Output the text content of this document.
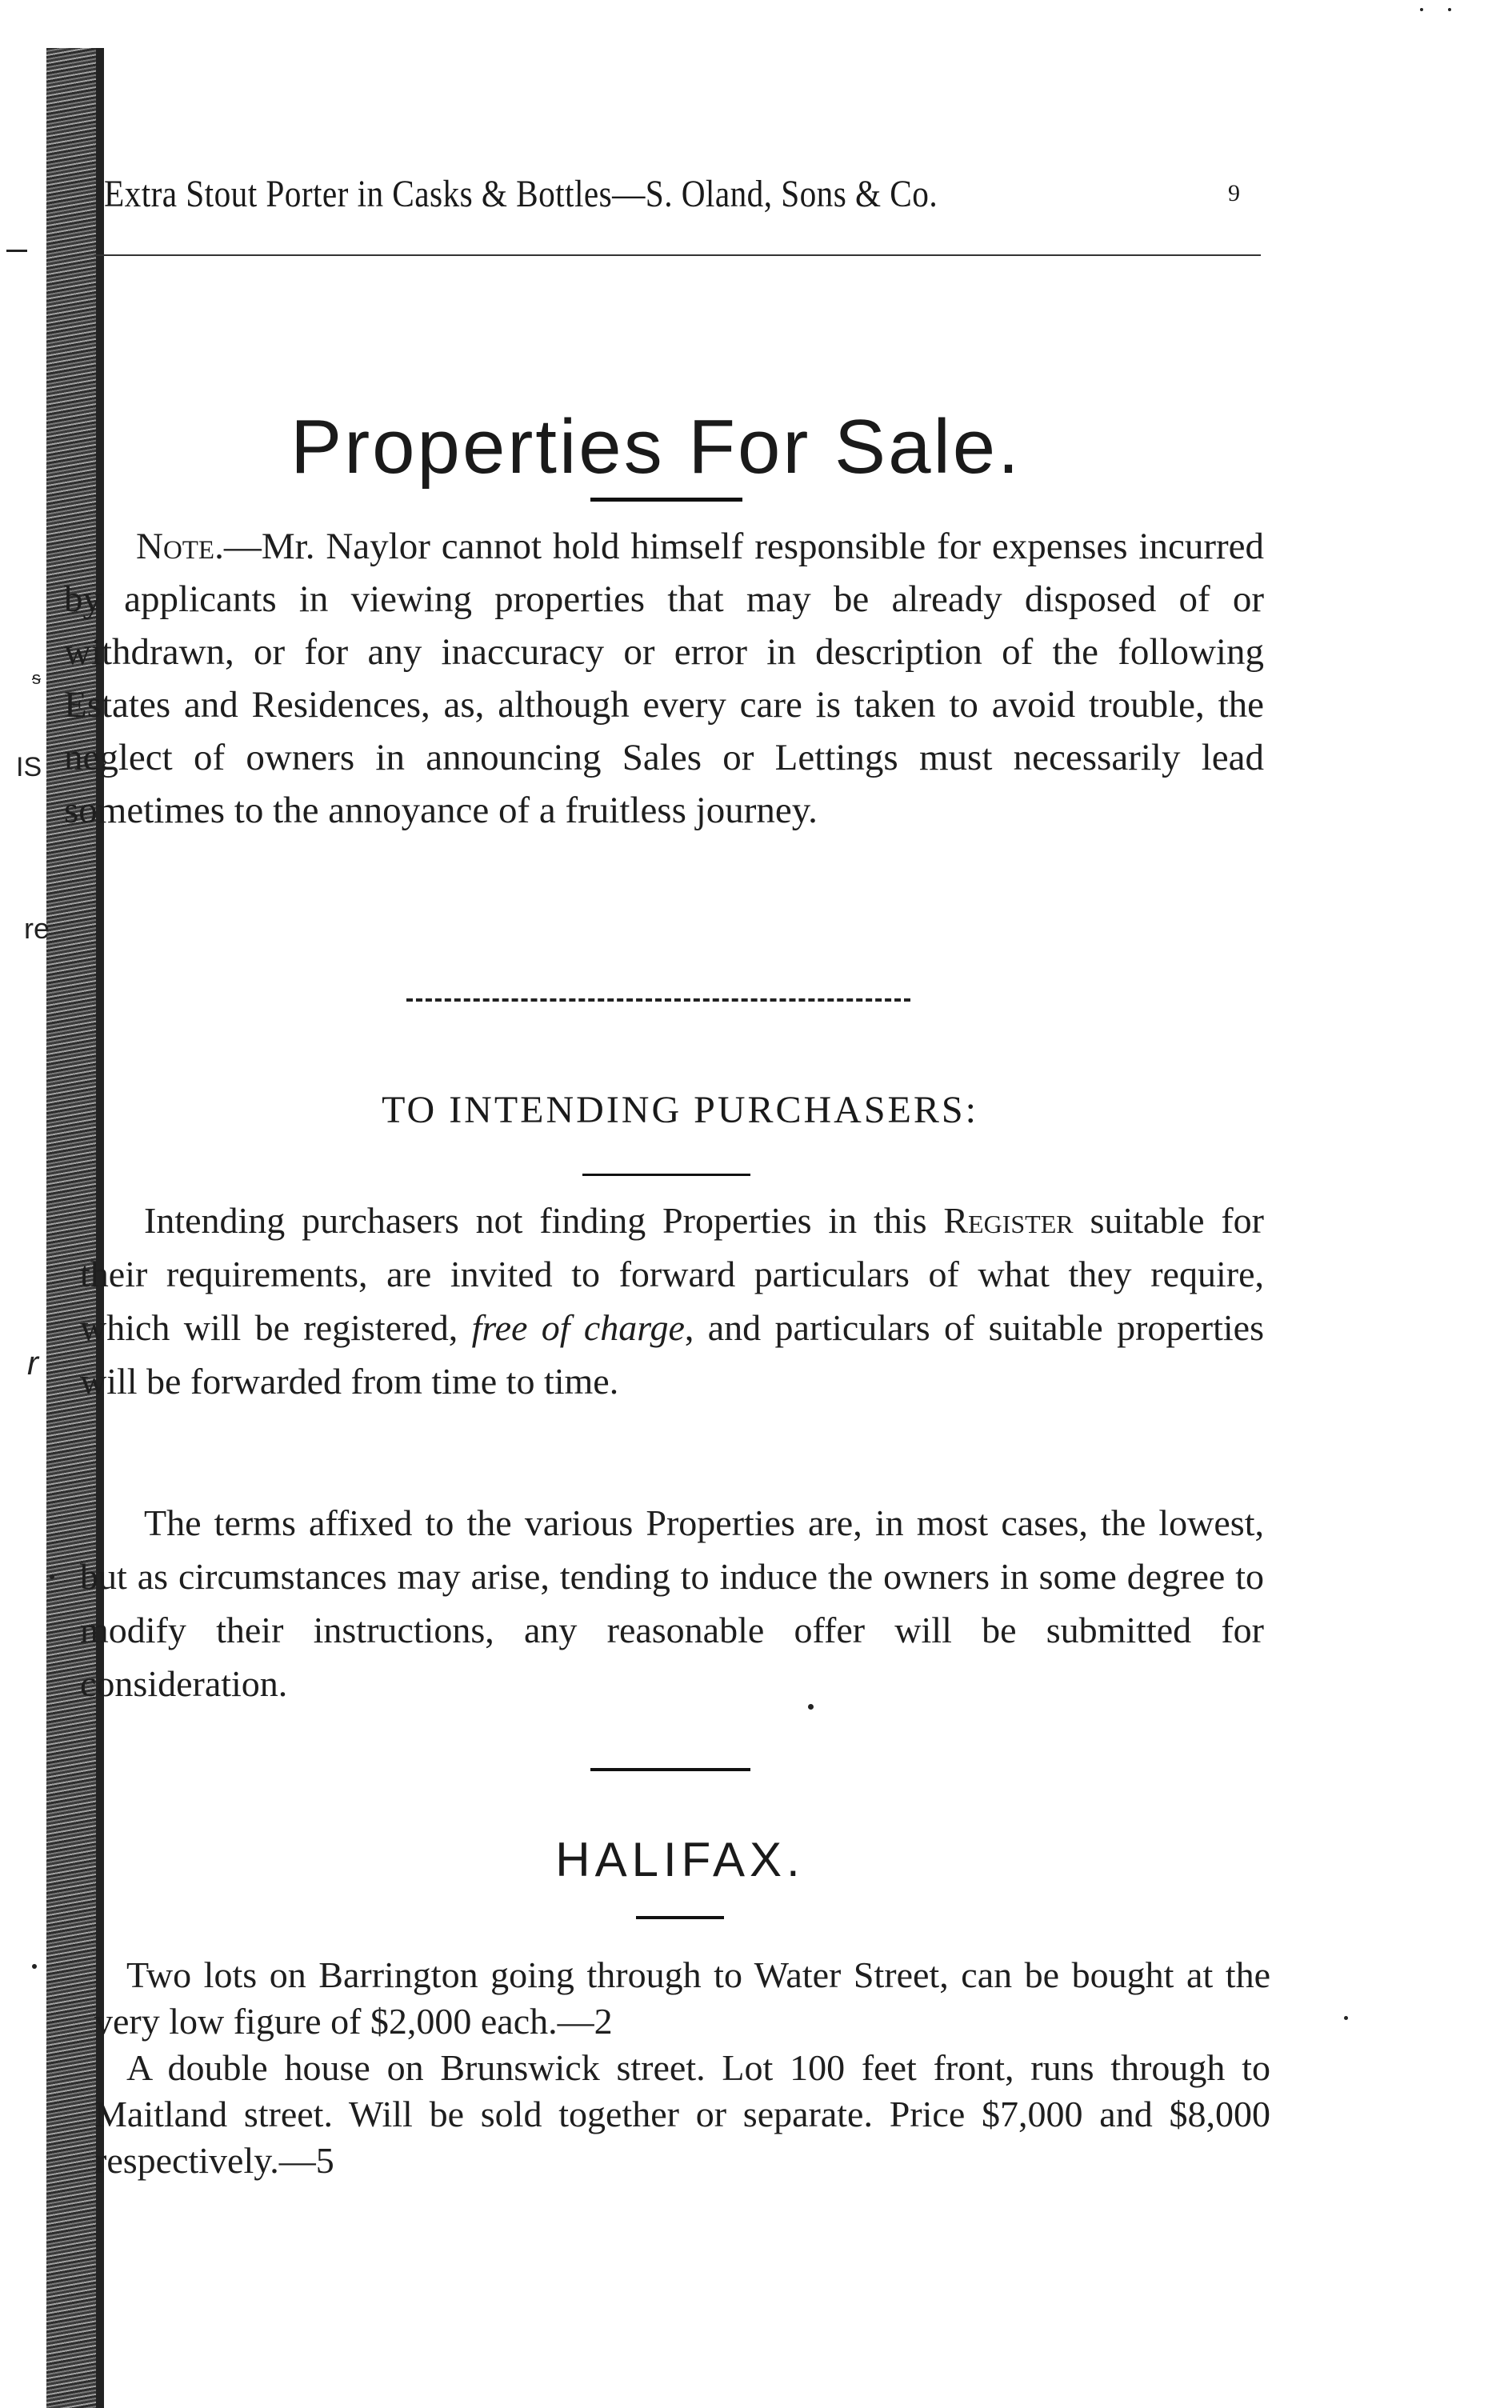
ᵴ
IS
re
r
Extra Stout Porter in Casks & Bottles—S. Oland, Sons & Co.	9
Properties For Sale.

Note.—Mr. Naylor cannot hold himself responsible for expenses incurred by applicants in viewing properties that may be already disposed of or withdrawn, or for any inaccuracy or error in description of the following Estates and Residences, as, although every care is taken to avoid trouble, the neglect of owners in announcing Sales or Lettings must necessarily lead sometimes to the annoyance of a fruitless journey.

TO INTENDING PURCHASERS:

Intending purchasers not finding Properties in this Register suitable for their requirements, are invited to forward particulars of what they require, which will be registered, free of charge, and particulars of suitable properties will be forwarded from time to time.

The terms affixed to the various Properties are, in most cases, the lowest, but as circumstances may arise, tending to induce the owners in some degree to modify their instructions, any reasonable offer will be submitted for consideration.

HALIFAX.

Two lots on Barrington going through to Water Street, can be bought at the very low figure of $2,000 each.—2

A double house on Brunswick street. Lot 100 feet front, runs through to Maitland street. Will be sold together or separate. Price $7,000 and $8,000 respectively.—5
